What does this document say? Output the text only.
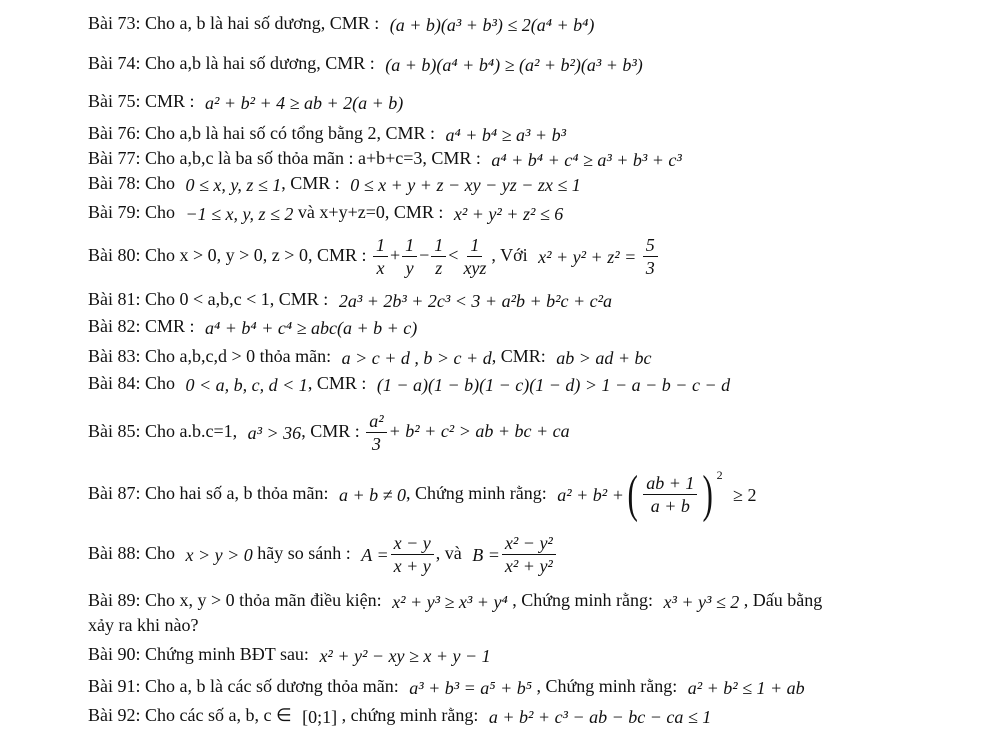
Bài 73: Cho a, b là hai số dương, CMR : (a + b)(a³ + b³) ≤ 2(a⁴ + b⁴)
Bài 74: Cho a,b là hai số dương, CMR : (a + b)(a⁴ + b⁴) ≥ (a² + b²)(a³ + b³)
Bài 75: CMR : a² + b² + 4 ≥ ab + 2(a + b)
Bài 76: Cho a,b là hai số có tổng bằng 2, CMR : a⁴ + b⁴ ≥ a³ + b³
Bài 77: Cho a,b,c là ba số thỏa mãn : a+b+c=3, CMR : a⁴ + b⁴ + c⁴ ≥ a³ + b³ + c³
Bài 78: Cho 0 ≤ x, y, z ≤ 1, CMR : 0 ≤ x + y + z − xy − yz − zx ≤ 1
Bài 79: Cho −1 ≤ x, y, z ≤ 2 và x+y+z=0, CMR : x² + y² + z² ≤ 6
Bài 80: Cho x > 0, y > 0, z > 0, CMR : $\frac{1}{x} + \frac{1}{y} - \frac{1}{z} < \frac{1}{\text{xyz}}$ , Với $x^2 + y^2 + z^2 = \frac{5}{3}$
Bài 81: Cho 0 < a,b,c < 1, CMR : 2a³ + 2b³ + 2c³ < 3 + a²b + b²c + c²a
Bài 82: CMR : a⁴ + b⁴ + c⁴ ≥ abc(a + b + c)
Bài 83: Cho a,b,c,d > 0 thỏa mãn: a > c + d , b > c + d, CMR: ab > ad + bc
Bài 84: Cho 0 < a, b, c, d < 1, CMR : (1 − a)(1 − b)(1 − c)(1 − d) > 1 − a − b − c − d
Bài 85: Cho a.b.c=1, a³ > 36, CMR : $\frac{\text{a²}}{3} + b^2 + c^2$ > ab + bc + ca
Bài 87: Cho hai số a, b thỏa mãn: a + b ≠ 0, Chứng minh rằng: a² + b² +( $\frac{ab + 1}{a + b}$ ) 2 ≥ 2
Bài 88: Cho x > y > 0 hãy so sánh : $A = \frac{x - y}{x + y}$ , và $B = \frac{\text{x² − y²}}{\text{x² + y²}}$
Bài 89: Cho x, y > 0 thỏa mãn điều kiện: x² + y³ ≥ x³ + y⁴ , Chứng minh rằng: x³ + y³ ≤ 2 , Dấu bằng
xảy ra khi nào?
Bài 90: Chứng minh BĐT sau: x² + y² − xy ≥ x + y − 1
Bài 91: Cho a, b là các số dương thỏa mãn: a³ + b³ = a⁵ + b⁵ , Chứng minh rằng: a² + b² ≤ 1 + ab
Bài 92: Cho các số a, b, c ∈ [0;1] , chứng minh rằng: a + b² + c³ − ab − bc − ca ≤ 1
